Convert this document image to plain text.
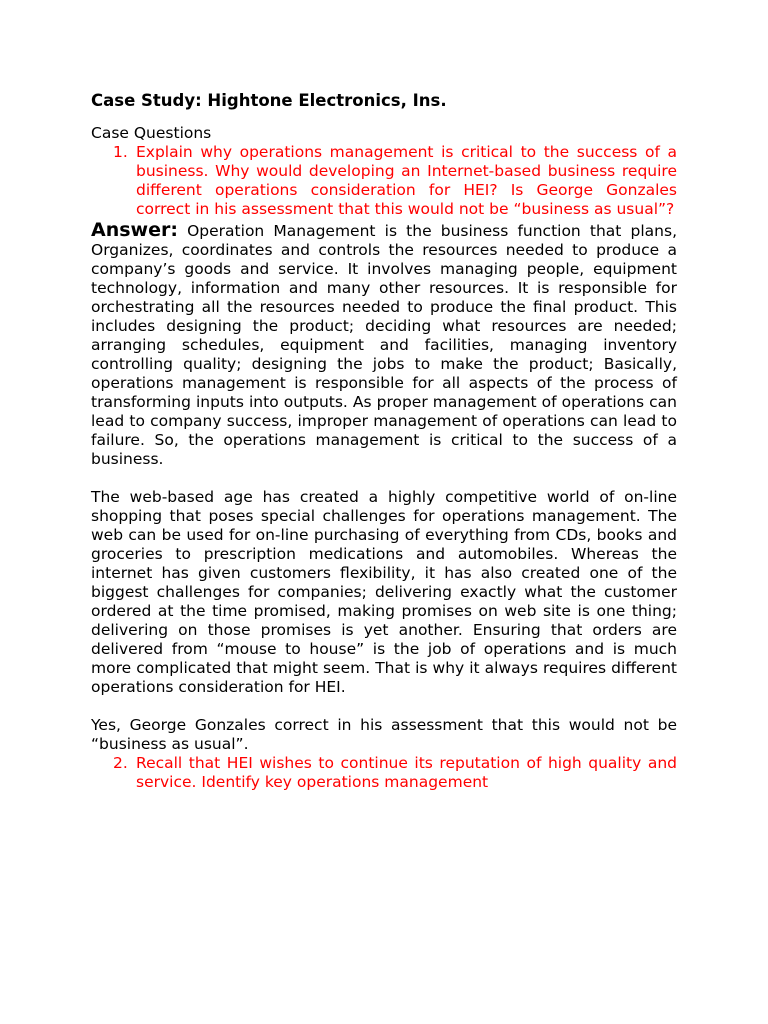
Case Study: Hightone Electronics, Ins.

Case Questions

1. Explain why operations management is critical to the success of a business. Why would developing an Internet-based business require different operations consideration for HEI? Is George Gonzales correct in his assessment that this would not be “business as usual”?

Answer: Operation Management is the business function that plans, Organizes, coordinates and controls the resources needed to produce a company’s goods and service. It involves managing people, equipment technology, information and many other resources. It is responsible for orchestrating all the resources needed to produce the final product. This includes designing the product; deciding what resources are needed; arranging schedules, equipment and facilities, managing inventory controlling quality; designing the jobs to make the product; Basically, operations management is responsible for all aspects of the process of transforming inputs into outputs. As proper management of operations can lead to company success, improper management of operations can lead to failure. So, the operations management is critical to the success of a business.

The web-based age has created a highly competitive world of on-line shopping that poses special challenges for operations management. The web can be used for on-line purchasing of everything from CDs, books and groceries to prescription medications and automobiles. Whereas the internet has given customers flexibility, it has also created one of the biggest challenges for companies; delivering exactly what the customer ordered at the time promised, making promises on web site is one thing; delivering on those promises is yet another. Ensuring that orders are delivered from “mouse to house” is the job of operations and is much more complicated that might seem. That is why it always requires different operations consideration for HEI.

Yes, George Gonzales correct in his assessment that this would not be “business as usual”.

2. Recall that HEI wishes to continue its reputation of high quality and service. Identify key operations management
